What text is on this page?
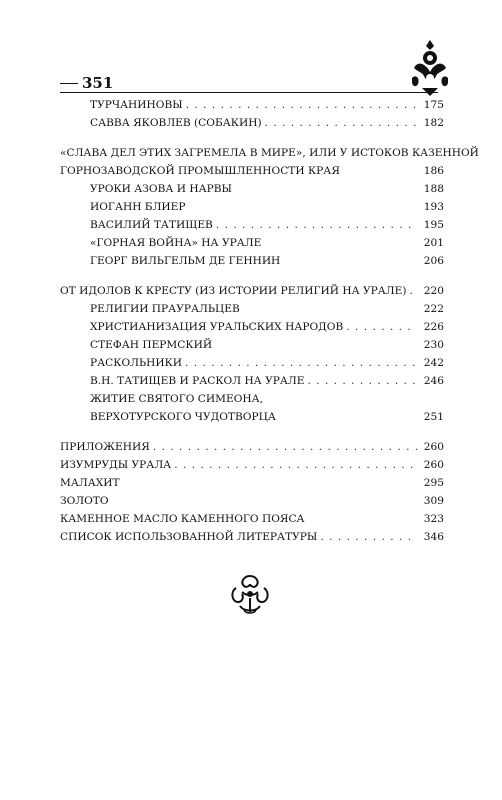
351
ТУРЧАНИНОВЫ . . .	175
САВВА ЯКОВЛЕВ (СОБАКИН) . . .	182
«СЛАВА ДЕЛ ЭТИХ ЗАГРЕМЕЛА В МИРЕ», ИЛИ У ИСТОКОВ КАЗЕННОЙ
ГОРНОЗАВОДСКОЙ ПРОМЫШЛЕННОСТИ КРАЯ	186
УРОКИ АЗОВА И НАРВЫ	188
ИОГАНН БЛИЕР	193
ВАСИЛИЙ ТАТИЩЕВ . . .	195
«ГОРНАЯ ВОЙНА» НА УРАЛЕ	201
ГЕОРГ ВИЛЬГЕЛЬМ ДЕ ГЕННИН	206
ОТ ИДОЛОВ К КРЕСТУ (ИЗ ИСТОРИИ РЕЛИГИЙ НА УРАЛЕ) . . .	220
РЕЛИГИИ ПРАУРАЛЬЦЕВ	222
ХРИСТИАНИЗАЦИЯ УРАЛЬСКИХ НАРОДОВ . . .	226
СТЕФАН ПЕРМСКИЙ	230
РАСКОЛЬНИКИ . . .	242
В.Н. ТАТИЩЕВ И РАСКОЛ НА УРАЛЕ . . .	246
ЖИТИЕ СВЯТОГО СИМЕОНА,
ВЕРХОТУРСКОГО ЧУДОТВОРЦА	251
ПРИЛОЖЕНИЯ . . .	260
ИЗУМРУДЫ УРАЛА . . .	260
МАЛАХИТ	295
ЗОЛОТО	309
КАМЕННОЕ МАСЛО КАМЕННОГО ПОЯСА	323
СПИСОК ИСПОЛЬЗОВАННОЙ ЛИТЕРАТУРЫ . . .	346
